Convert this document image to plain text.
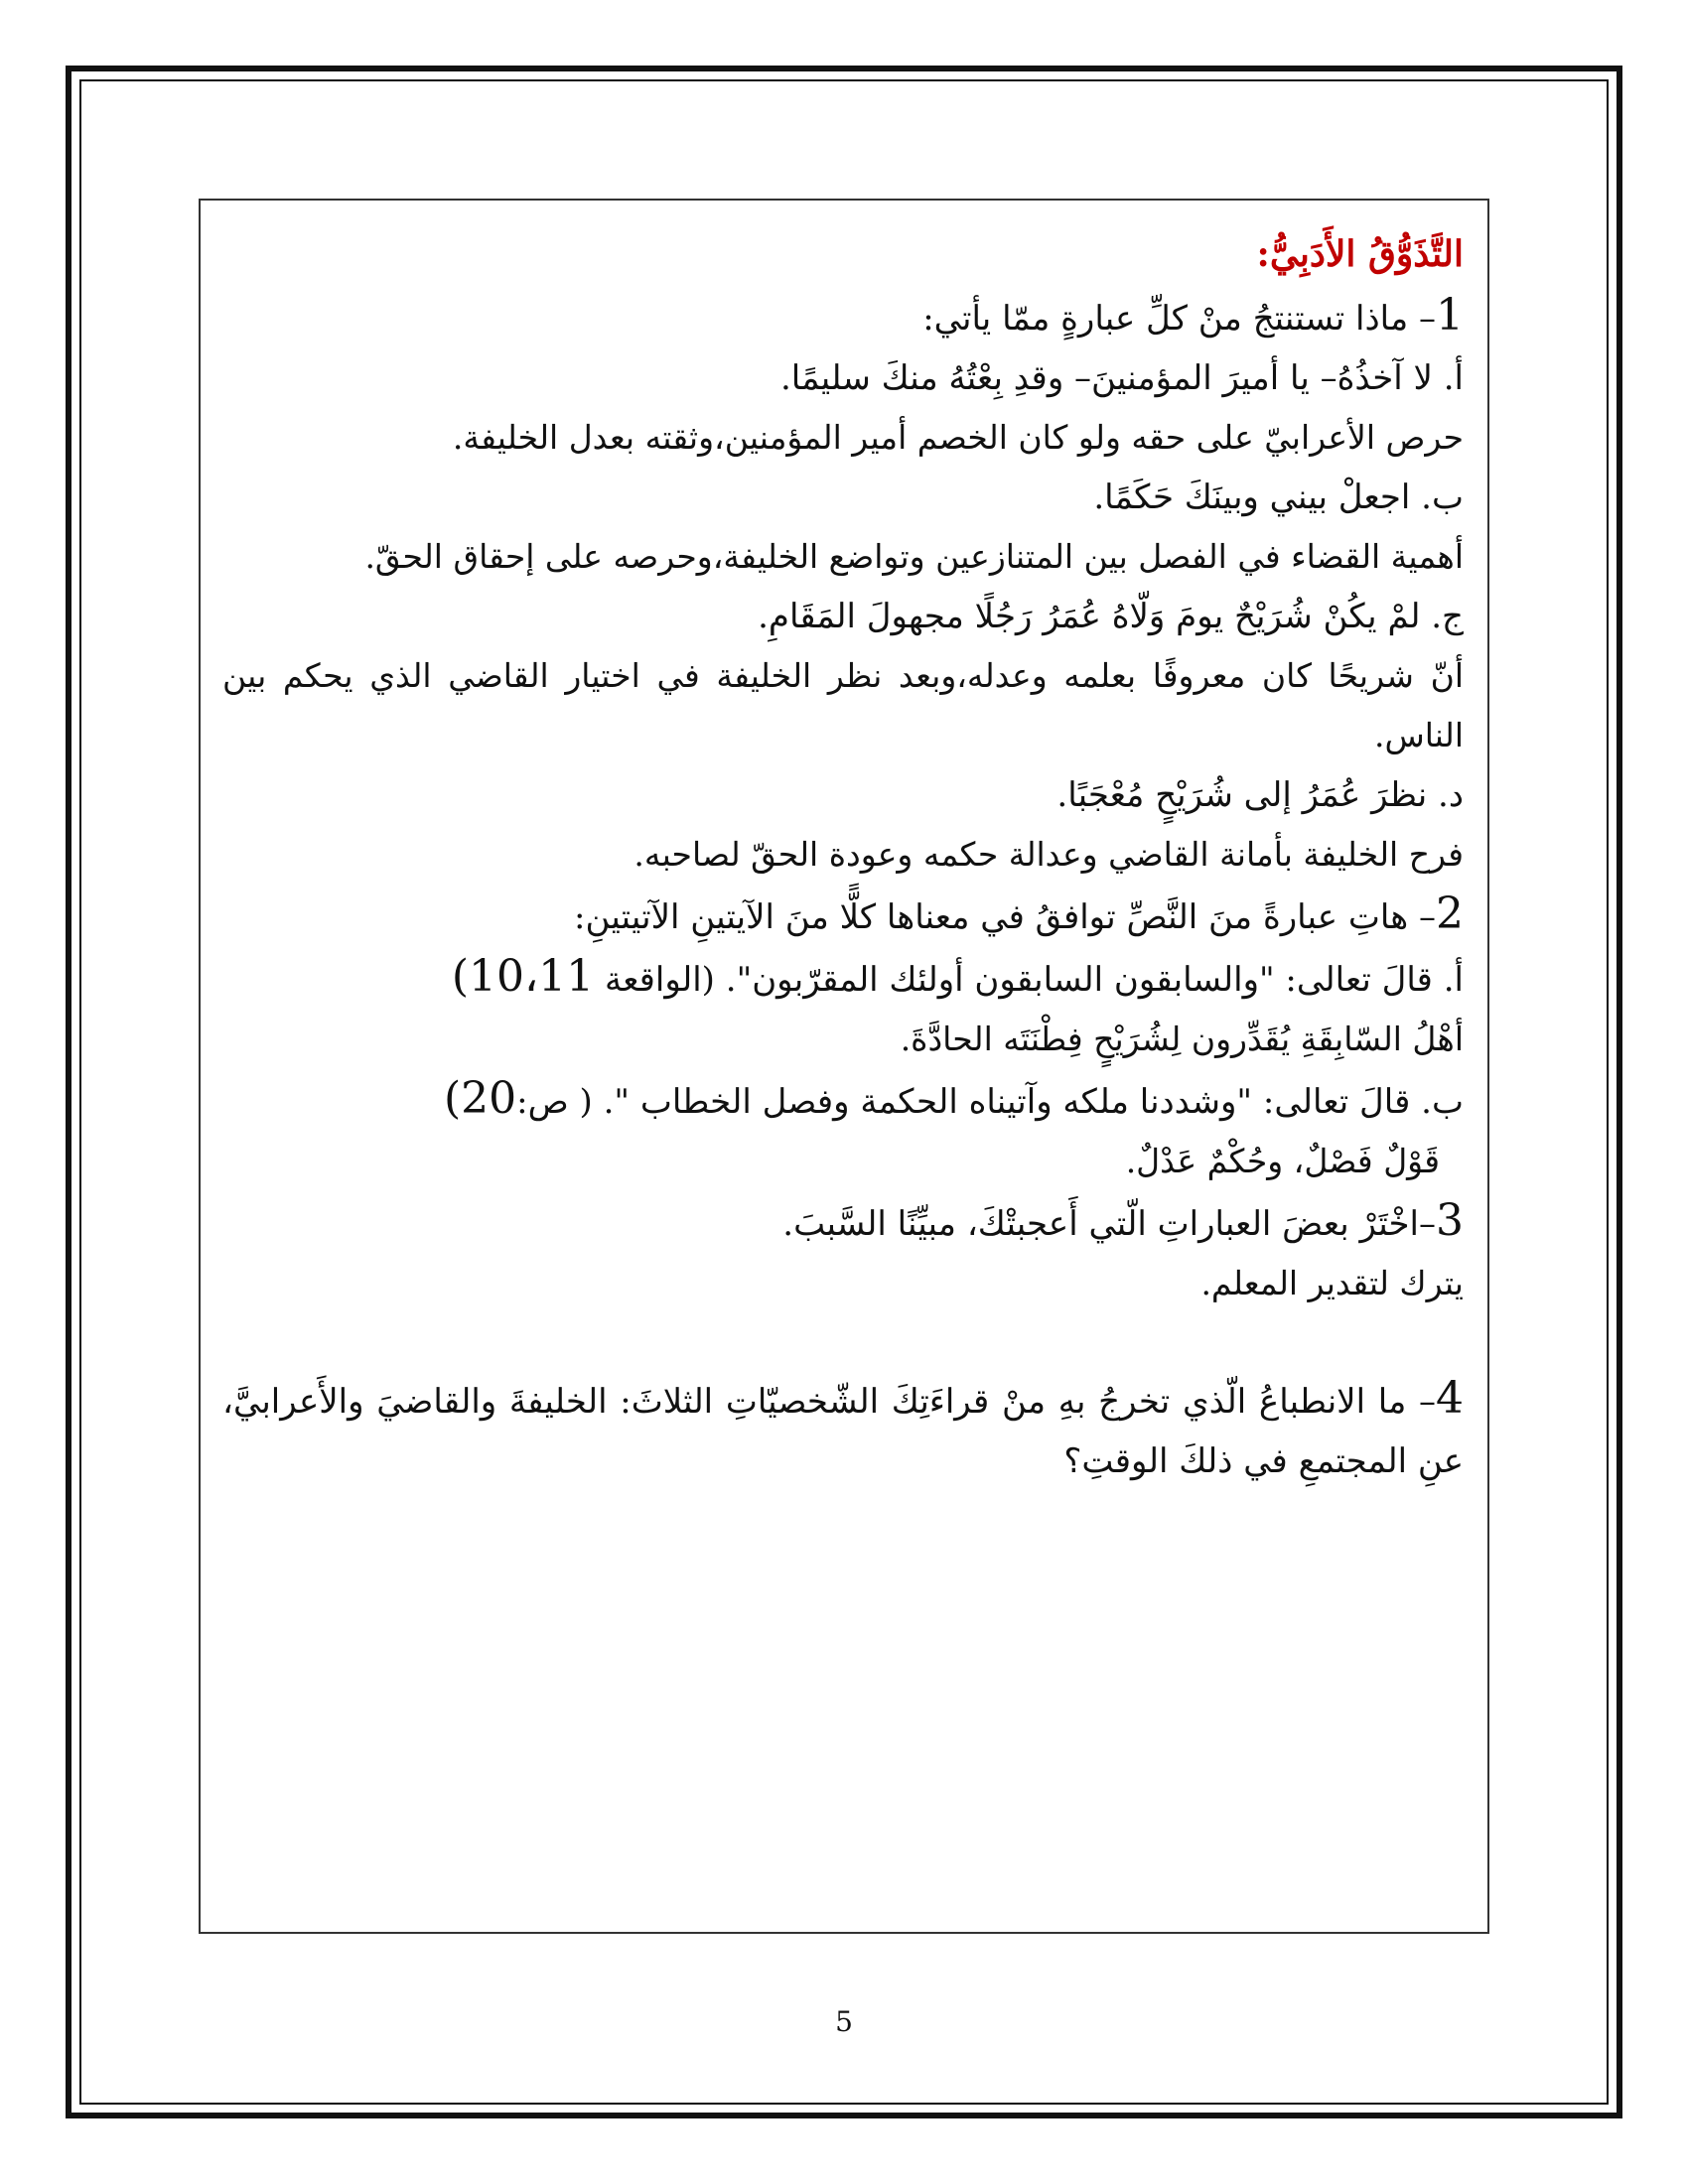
التَّذَوُّقُ الأَدَبِيُّ:

1– ماذا تستنتجُ منْ كلِّ عبارةٍ ممّا يأتي:

أ. لا آخذُهُ– يا أميرَ المؤمنينَ– وقدِ بِعْتُهُ منكَ سليمًا.

حرص الأعرابيّ على حقه ولو كان الخصم أمير المؤمنين،وثقته بعدل الخليفة.

ب. اجعلْ بيني وبينَكَ حَكَمًا.

أهمية القضاء في الفصل بين المتنازعين وتواضع الخليفة،وحرصه على إحقاق الحقّ.

ج. لمْ يكُنْ شُرَيْحٌ يومَ وَلّاهُ عُمَرُ رَجُلًا مجهولَ المَقَامِ.

أنّ شريحًا كان معروفًا بعلمه وعدله،وبعد نظر الخليفة في اختيار القاضي الذي يحكم بين الناس.

د. نظرَ عُمَرُ إلى شُرَيْحٍ مُعْجَبًا.

فرح الخليفة بأمانة القاضي وعدالة حكمه وعودة الحقّ لصاحبه.

2– هاتِ عبارةً منَ النَّصِّ توافقُ في معناها كلًّا منَ الآيتينِ الآتيتينِ:

أ. قالَ تعالى: "والسابقون السابقون أولئك المقرّبون". (الواقعة 10،11)

أهْلُ السّابِقَةِ يُقَدِّرون لِشُرَيْحٍ فِطْنَتَه الحادَّةَ.

ب. قالَ تعالى: "وشددنا ملكه وآتيناه الحكمة وفصل الخطاب ". ( ص:20)

قَوْلٌ فَصْلٌ، وحُكْمٌ عَدْلٌ.

3–اخْتَرْ بعضَ العباراتِ الّتي أَعجبتْكَ، مبيِّنًا السَّببَ.

يترك لتقدير المعلم.

4– ما الانطباعُ الّذي تخرجُ بهِ منْ قراءَتِكَ الشّخصيّاتِ الثلاثَ: الخليفةَ والقاضيَ والأَعرابيَّ، عنِ المجتمعِ في ذلكَ الوقتِ؟

5
